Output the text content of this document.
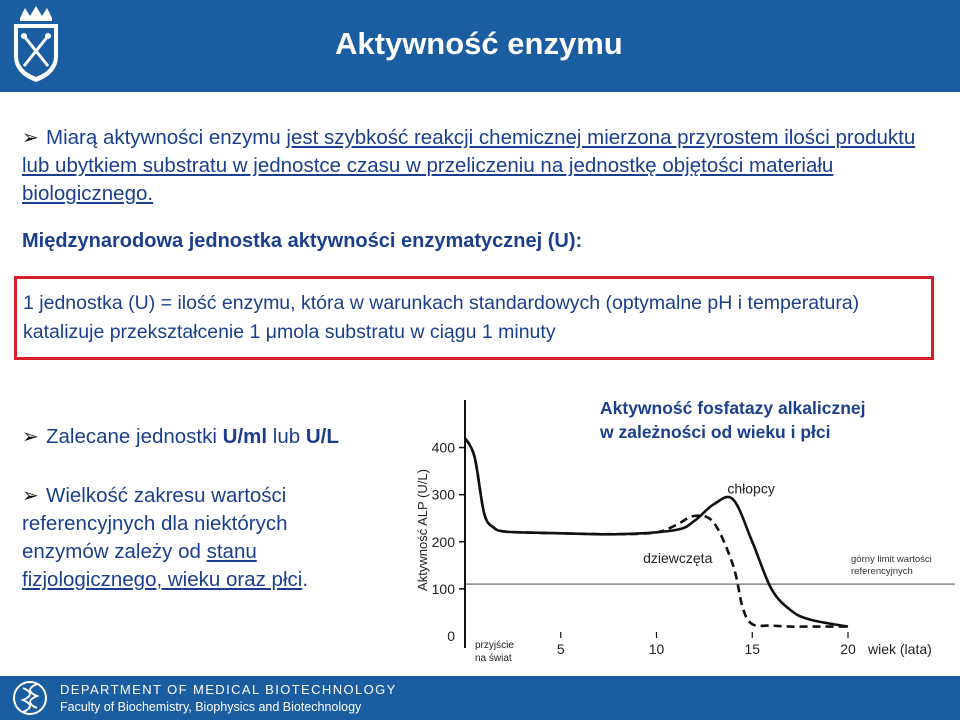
Aktywność enzymu
➢ Miarą aktywności enzymu jest szybkość reakcji chemicznej mierzona przyrostem ilości produktu lub ubytkiem substratu w jednostce czasu w przeliczeniu na jednostkę objętości materiału biologicznego.
Międzynarodowa jednostka aktywności enzymatycznej (U):
1 jednostka (U) = ilość enzymu, która w warunkach standardowych (optymalne pH i temperatura) katalizuje przekształcenie 1 μmola substratu w ciągu 1 minuty
➢ Zalecane jednostki U/ml lub U/L
➢ Wielkość zakresu wartości referencyjnych dla niektórych enzymów zależy od stanu fizjologicznego, wieku oraz płci.
Aktywność fosfatazy alkalicznej
w zależności od wieku i płci
0
100
200
300
400
5	10	15	20
przyjście
na świat
wiek (lata)
Aktywność ALP (U/L)	górny limit wartości
referencyjnych
chłopcy
dziewczęta
DEPARTMENT OF MEDICAL BIOTECHNOLOGY
Faculty of Biochemistry, Biophysics and Biotechnology
